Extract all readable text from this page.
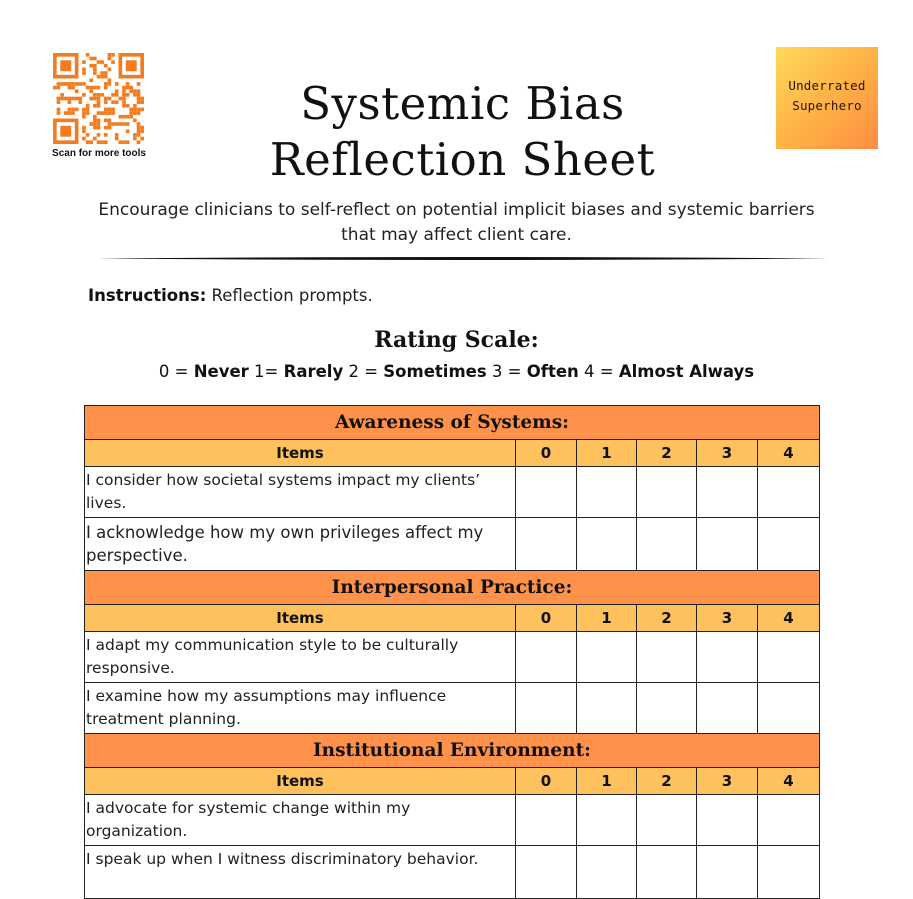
Scan for more tools
Underrated
Superhero
Systemic Bias
Reflection Sheet
Encourage clinicians to self-reflect on potential implicit biases and systemic barriers
that may affect client care.
Instructions: Reflection prompts.
Rating Scale:
0 = Never 1= Rarely 2 = Sometimes 3 = Often 4 = Almost Always
Awareness of Systems:					
Items	0	1	2	3	4
I consider how societal systems impact my clients’ lives.					
I acknowledge how my own privileges affect my perspective.					
Interpersonal Practice:					
Items	0	1	2	3	4
I adapt my communication style to be culturally responsive.					
I examine how my assumptions may influence treatment planning.					
Institutional Environment:					
Items	0	1	2	3	4
I advocate for systemic change within my organization.					
I speak up when I witness discriminatory behavior.					
